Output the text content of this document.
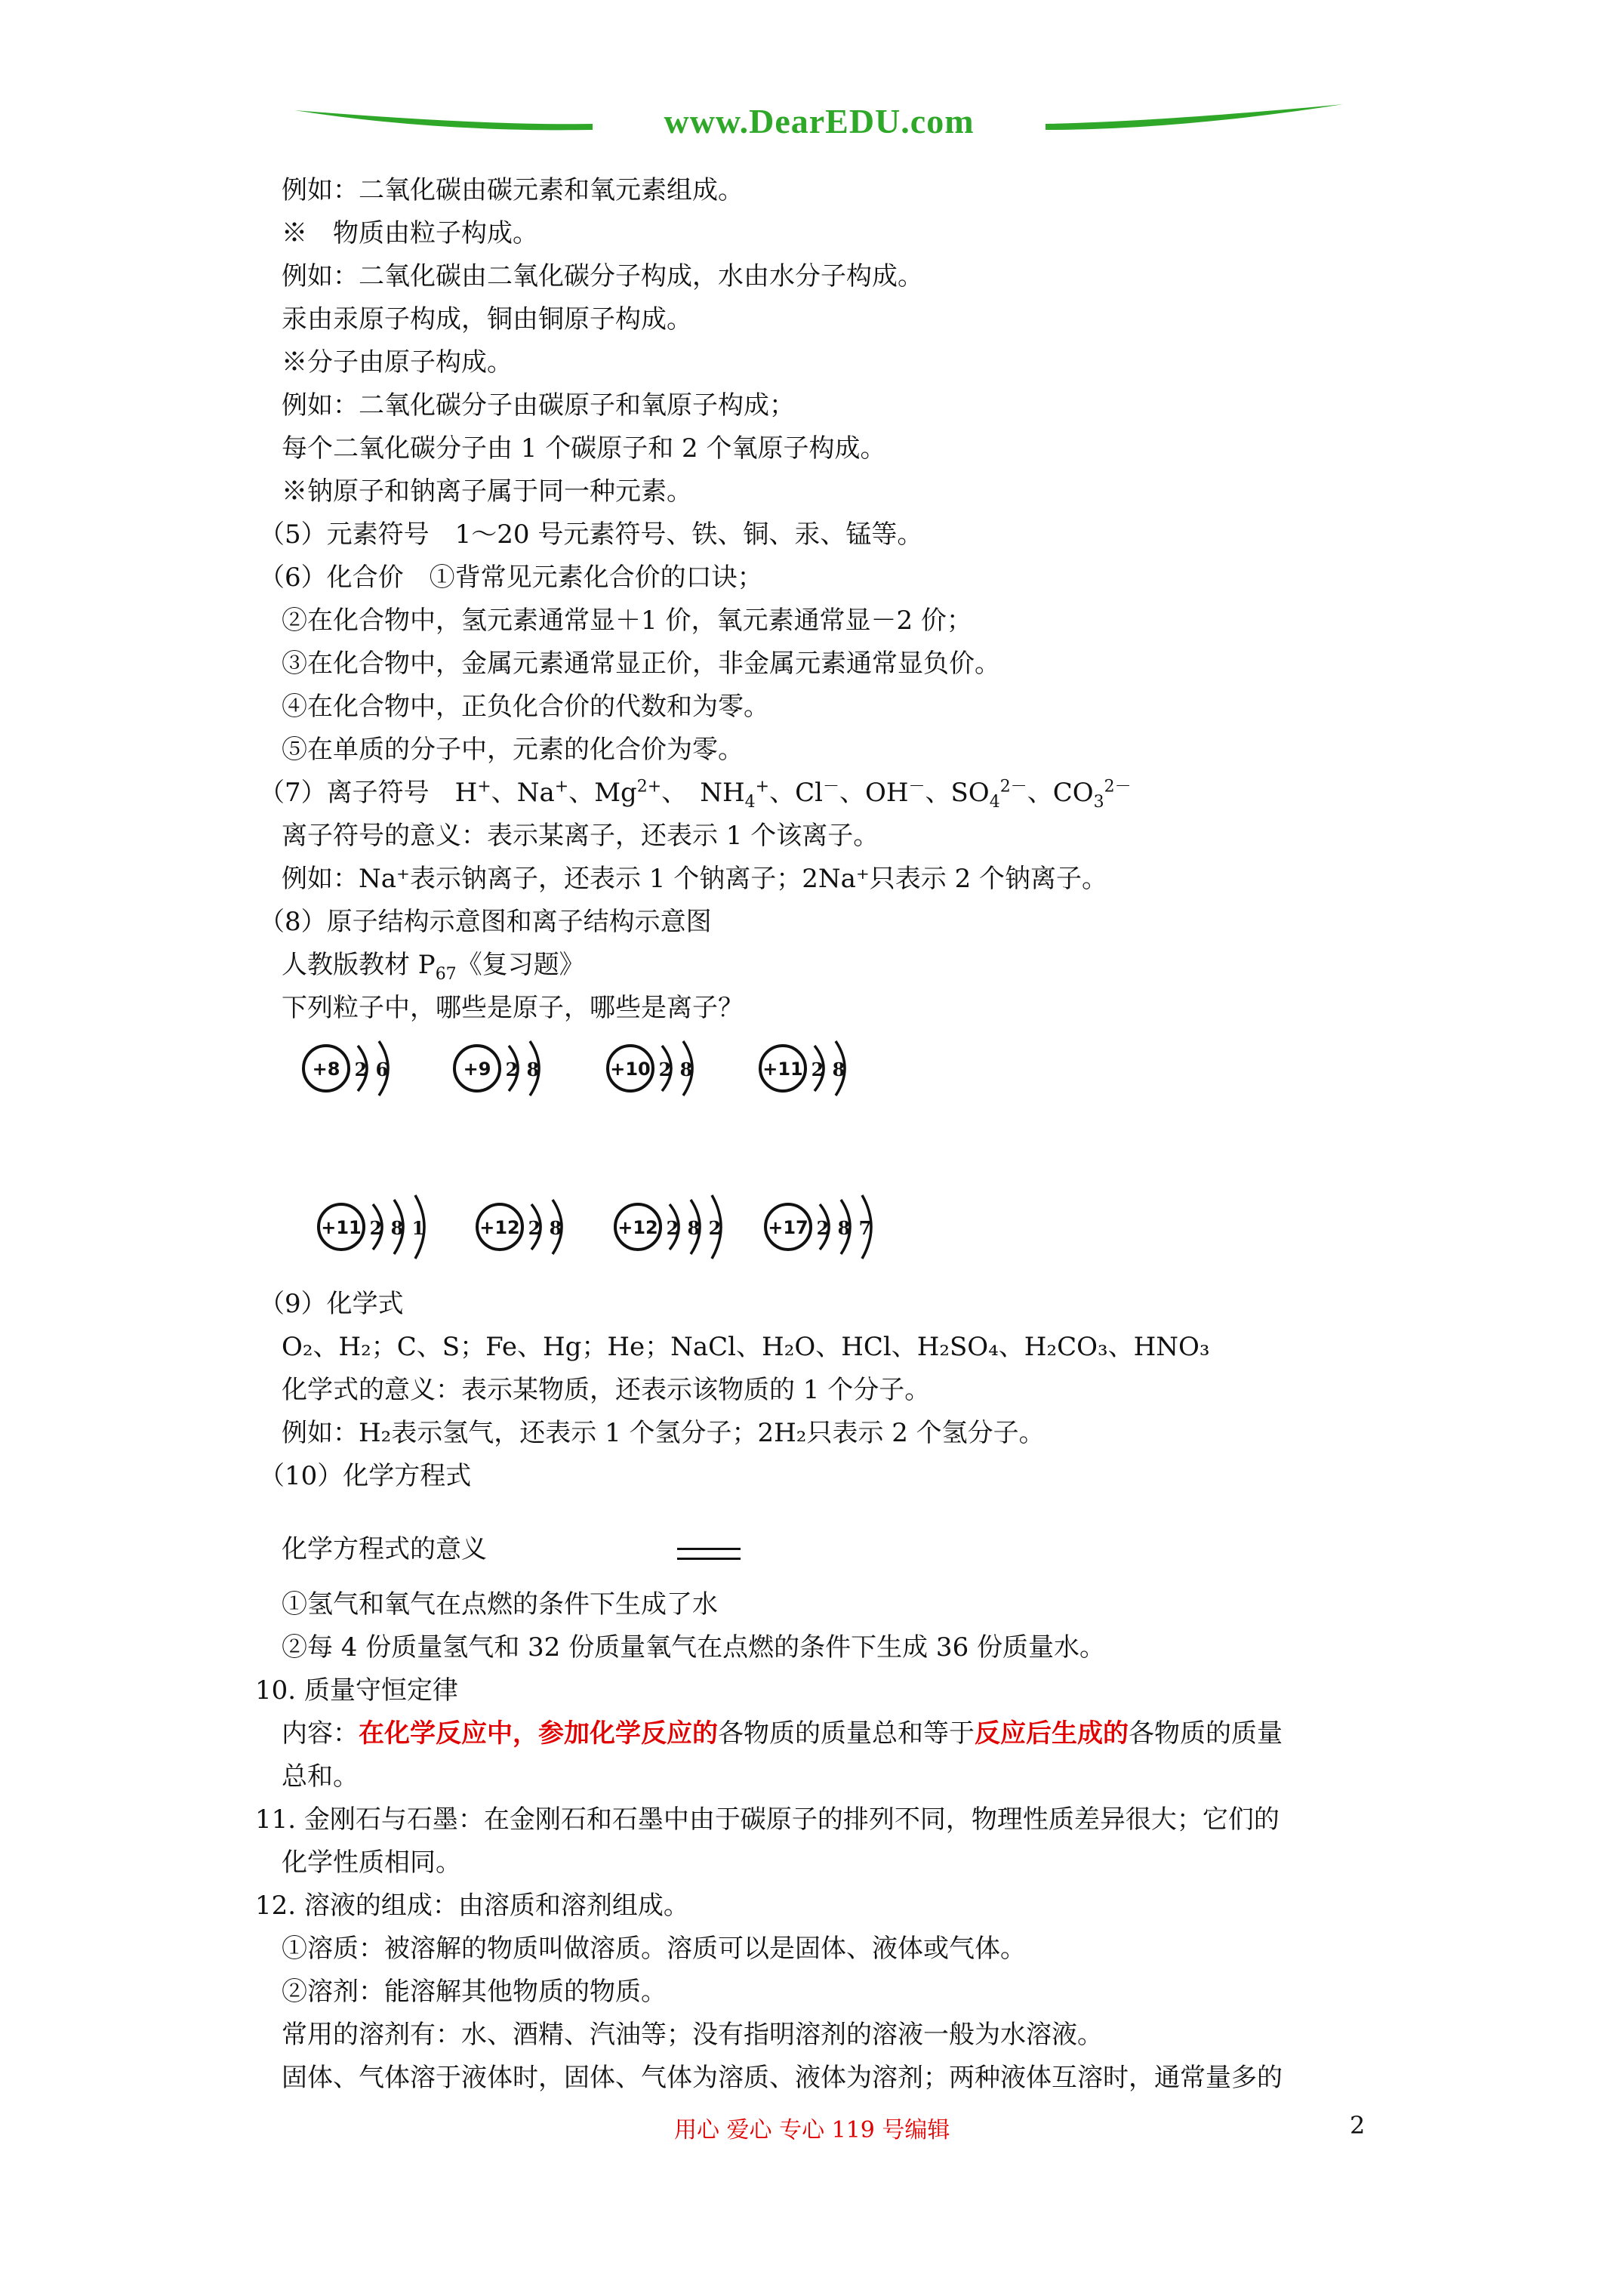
www.DearEDU.com
例如：二氧化碳由碳元素和氧元素组成。
※　物质由粒子构成。
例如：二氧化碳由二氧化碳分子构成，水由水分子构成。
汞由汞原子构成，铜由铜原子构成。
※分子由原子构成。
例如：二氧化碳分子由碳原子和氧原子构成；
每个二氧化碳分子由 1 个碳原子和 2 个氧原子构成。
※钠原子和钠离子属于同一种元素。
（5）元素符号　1～20 号元素符号、铁、铜、汞、锰等。
（6）化合价　①背常见元素化合价的口诀；
②在化合物中，氢元素通常显＋1 价，氧元素通常显－2 价；
③在化合物中，金属元素通常显正价，非金属元素通常显负价。
④在化合物中，正负化合价的代数和为零。
⑤在单质的分子中，元素的化合价为零。
（7）离子符号　H+、Na+、$Mg^{2+}$、　$NH_4^+$、Cl－、OH－、$SO_4^{2-}$、$CO_3^{2-}$
离子符号的意义：表示某离子，还表示 1 个该离子。
例如：Na⁺表示钠离子，还表示 1 个钠离子；2Na⁺只表示 2 个钠离子。
（8）原子结构示意图和离子结构示意图
人教版教材 $P_{67}$《复习题》
下列粒子中，哪些是原子，哪些是离子？
+8 2 6	+9 2 8	+10 2 8	+11 2 8
+11 2 8 1	+12 2 8	+12 2 8 2	+17 2 8 7
（9）化学式
O₂、H₂；C、S；Fe、Hg；He；NaCl、H₂O、HCl、H₂SO₄、H₂CO₃、HNO₃
化学式的意义：表示某物质，还表示该物质的 1 个分子。
例如：H₂表示氢气，还表示 1 个氢分子；2H₂只表示 2 个氢分子。
（10）化学方程式
化学方程式的意义
①氢气和氧气在点燃的条件下生成了水
②每 4 份质量氢气和 32 份质量氧气在点燃的条件下生成 36 份质量水。
10. 质量守恒定律
内容：在化学反应中，参加化学反应的各物质的质量总和等于反应后生成的各物质的质量
总和。
11. 金刚石与石墨：在金刚石和石墨中由于碳原子的排列不同，物理性质差异很大；它们的
化学性质相同。
12. 溶液的组成：由溶质和溶剂组成。
①溶质：被溶解的物质叫做溶质。溶质可以是固体、液体或气体。
②溶剂：能溶解其他物质的物质。
常用的溶剂有：水、酒精、汽油等；没有指明溶剂的溶液一般为水溶液。
固体、气体溶于液体时，固体、气体为溶质、液体为溶剂；两种液体互溶时，通常量多的
用心 爱心 专心 119 号编辑	2
